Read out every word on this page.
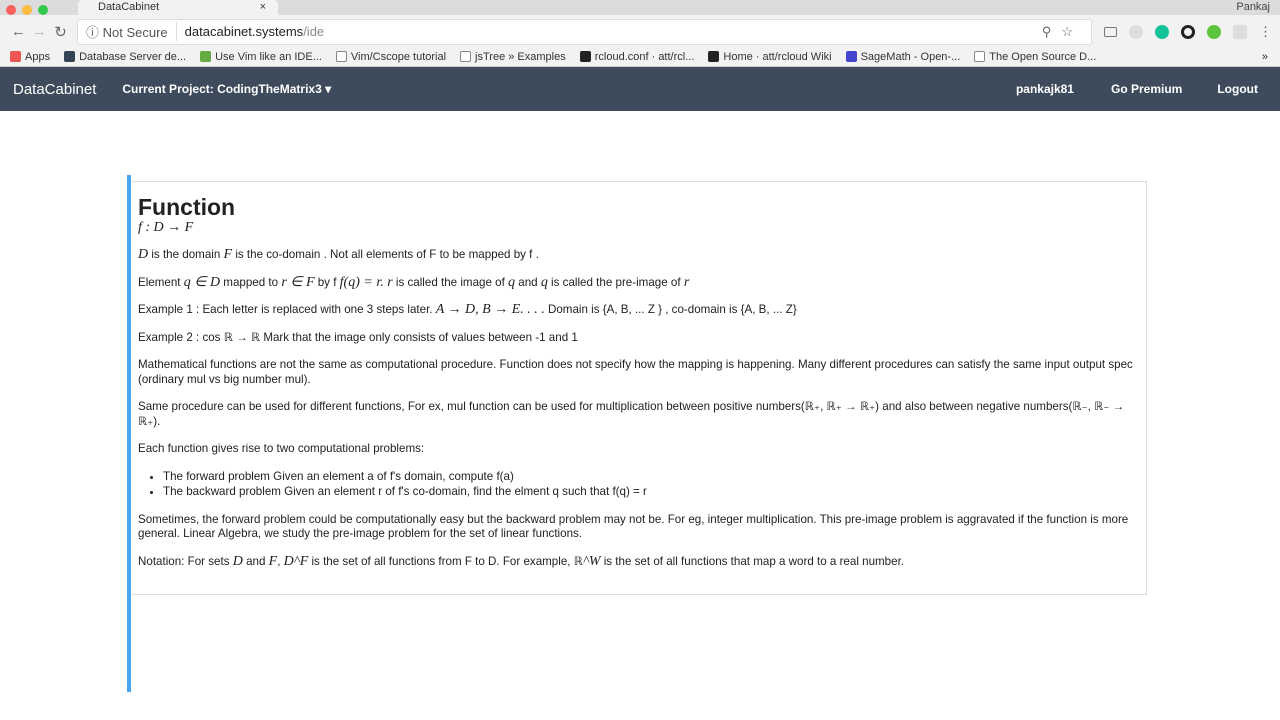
DataCabinet	×	Pankaj
← → ↻	ⓘ Not Secure	datacabinet.systems /ide	⚲☆	⋮
Apps	Database Server de...	Use Vim like an IDE...	Vim/Cscope tutorial	jsTree » Examples	rcloud.conf · att/rcl...	Home · att/rcloud Wiki	SageMath - Open-...	The Open Source D...	»
DataCabinet Current Project: CodingTheMatrix3 ▾	pankajk81	Go Premium	Logout
Function

f : D → F

D is the domain F is the co-domain . Not all elements of F to be mapped by f .

Element q ∈ D mapped to r ∈ F by f f(q) = r. r is called the image of q and q is called the pre-image of r

Example 1 : Each letter is replaced with one 3 steps later. A → D, B → E. . . . Domain is {A, B, ... Z } , co-domain is {A, B, ... Z}

Example 2 : cos ℝ → ℝ Mark that the image only consists of values between -1 and 1

Mathematical functions are not the same as computational procedure. Function does not specify how the mapping is happening. Many different procedures can satisfy the same input output spec (ordinary mul vs big number mul).

Same procedure can be used for different functions, For ex, mul function can be used for multiplication between positive numbers(ℝ₊, ℝ₊ → ℝ₊) and also between negative numbers(ℝ₋, ℝ₋ → ℝ₊).

Each function gives rise to two computational problems:

• The forward problem Given an element a of f's domain, compute f(a)
• The backward problem Given an element r of f's co-domain, find the elment q such that f(q) = r

Sometimes, the forward problem could be computationally easy but the backward problem may not be. For eg, integer multiplication. This pre-image problem is aggravated if the function is more general. Linear Algebra, we study the pre-image problem for the set of linear functions.

Notation: For sets D and F, D^F is the set of all functions from F to D. For example, ℝ^W is the set of all functions that map a word to a real number.
